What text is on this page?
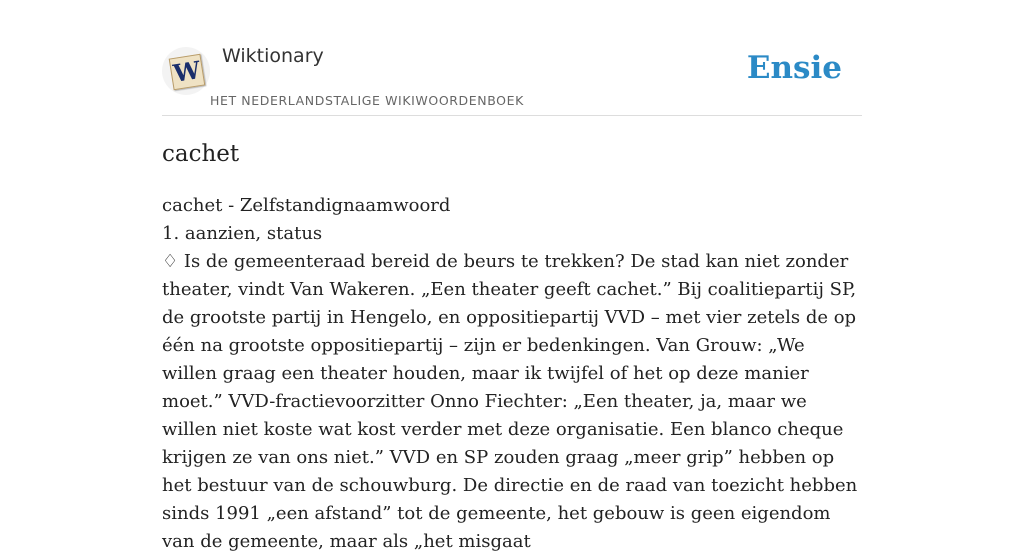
W Wiktionary
HET NEDERLANDSTALIGE WIKIWOORDENBOEK
Ensie
cachet

cachet - Zelfstandignaamwoord

1. aanzien, status

♢ Is de gemeenteraad bereid de beurs te trekken? De stad kan niet zonder theater, vindt Van Wakeren. „Een theater geeft cachet.” Bij coalitiepartij SP, de grootste partij in Hengelo, en oppositiepartij VVD – met vier zetels de op één na grootste oppositiepartij – zijn er bedenkingen. Van Grouw: „We willen graag een theater houden, maar ik twijfel of het op deze manier moet.” VVD-fractievoorzitter Onno Fiechter: „Een theater, ja, maar we willen niet koste wat kost verder met deze organisatie. Een blanco cheque krijgen ze van ons niet.” VVD en SP zouden graag „meer grip” hebben op het bestuur van de schouwburg. De directie en de raad van toezicht hebben sinds 1991 „een afstand” tot de gemeente, het gebouw is geen eigendom van de gemeente, maar als „het misgaat
